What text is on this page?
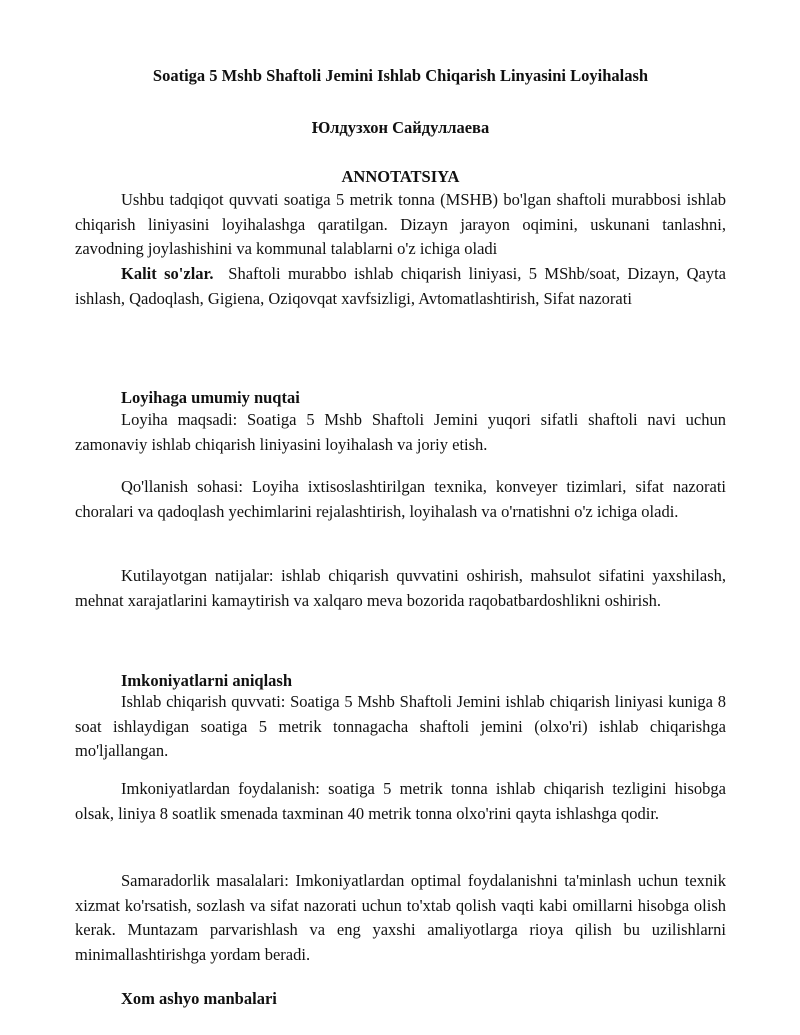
Soatiga 5 Mshb Shaftoli Jemini Ishlab Chiqarish Linyasini Loyihalash

Юлдузхон Сайдуллаева

ANNOTATSIYA

Ushbu tadqiqot quvvati soatiga 5 metrik tonna (MSHB) bo'lgan shaftoli murabbosi ishlab chiqarish liniyasini loyihalashga qaratilgan. Dizayn jarayon oqimini, uskunani tanlashni, zavodning joylashishini va kommunal talablarni o'z ichiga oladi

Kalit so'zlar. Shaftoli murabbo ishlab chiqarish liniyasi, 5 MShb/soat, Dizayn, Qayta ishlash, Qadoqlash, Gigiena, Oziqovqat xavfsizligi, Avtomatlashtirish, Sifat nazorati

Loyihaga umumiy nuqtai

Loyiha maqsadi: Soatiga 5 Mshb Shaftoli Jemini yuqori sifatli shaftoli navi uchun zamonaviy ishlab chiqarish liniyasini loyihalash va joriy etish.

Qo'llanish sohasi: Loyiha ixtisoslashtirilgan texnika, konveyer tizimlari, sifat nazorati choralari va qadoqlash yechimlarini rejalashtirish, loyihalash va o'rnatishni o'z ichiga oladi.

Kutilayotgan natijalar: ishlab chiqarish quvvatini oshirish, mahsulot sifatini yaxshilash, mehnat xarajatlarini kamaytirish va xalqaro meva bozorida raqobatbardoshlikni oshirish.

Imkoniyatlarni aniqlash

Ishlab chiqarish quvvati: Soatiga 5 Mshb Shaftoli Jemini ishlab chiqarish liniyasi kuniga 8 soat ishlaydigan soatiga 5 metrik tonnagacha shaftoli jemini (olxo'ri) ishlab chiqarishga mo'ljallangan.

Imkoniyatlardan foydalanish: soatiga 5 metrik tonna ishlab chiqarish tezligini hisobga olsak, liniya 8 soatlik smenada taxminan 40 metrik tonna olxo'rini qayta ishlashga qodir.

Samaradorlik masalalari: Imkoniyatlardan optimal foydalanishni ta'minlash uchun texnik xizmat ko'rsatish, sozlash va sifat nazorati uchun to'xtab qolish vaqti kabi omillarni hisobga olish kerak. Muntazam parvarishlash va eng yaxshi amaliyotlarga rioya qilish bu uzilishlarni minimallashtirishga yordam beradi.

Xom ashyo manbalari
